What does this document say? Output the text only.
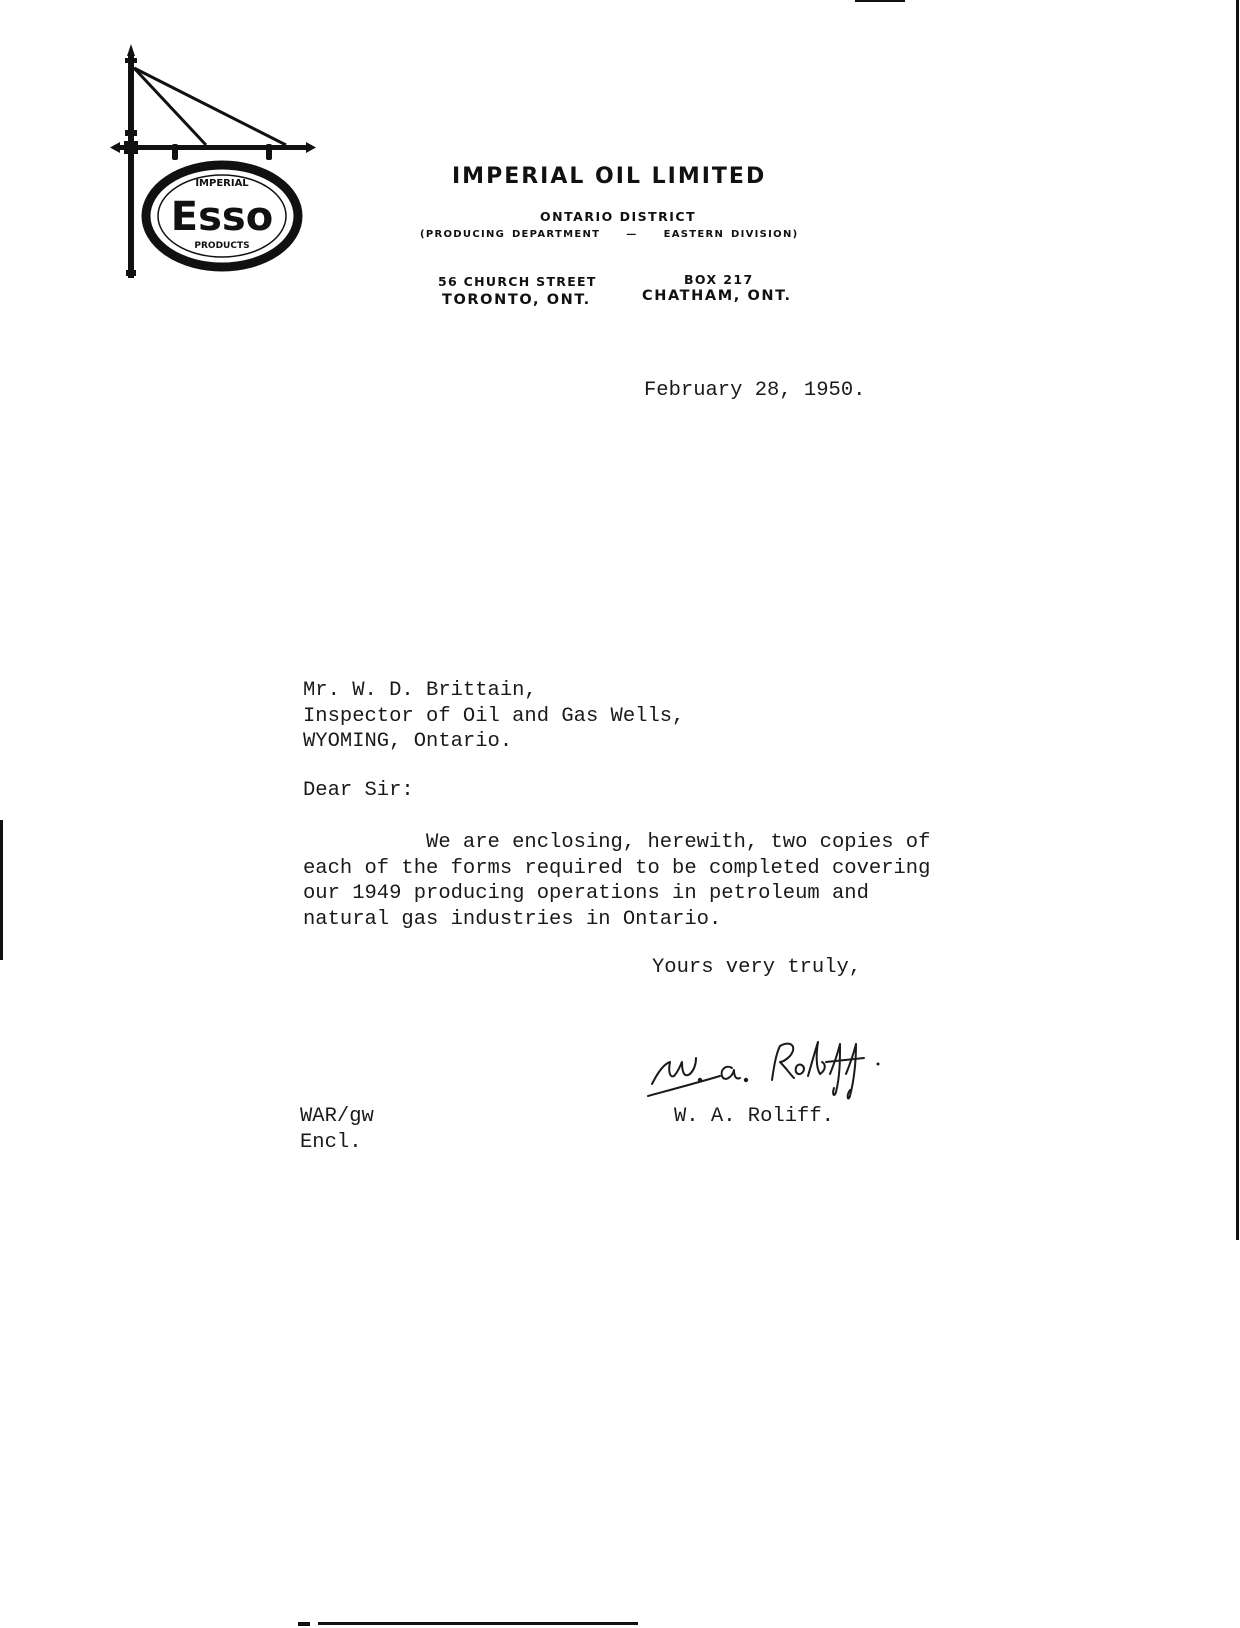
IMPERIAL
Esso
PRODUCTS
IMPERIAL OIL LIMITED
ONTARIO DISTRICT
(PRODUCING DEPARTMENT	—	EASTERN DIVISION)
56 CHURCH STREET
TORONTO, ONT.
BOX 217
CHATHAM, ONT.
February 28, 1950.
Mr. W. D. Brittain,
Inspector of Oil and Gas Wells,
WYOMING, Ontario.
Dear Sir:
We are enclosing, herewith, two copies of
each of the forms required to be completed covering
our 1949 producing operations in petroleum and
natural gas industries in Ontario.
Yours very truly,
W. A. Roliff.
WAR/gw
Encl.
